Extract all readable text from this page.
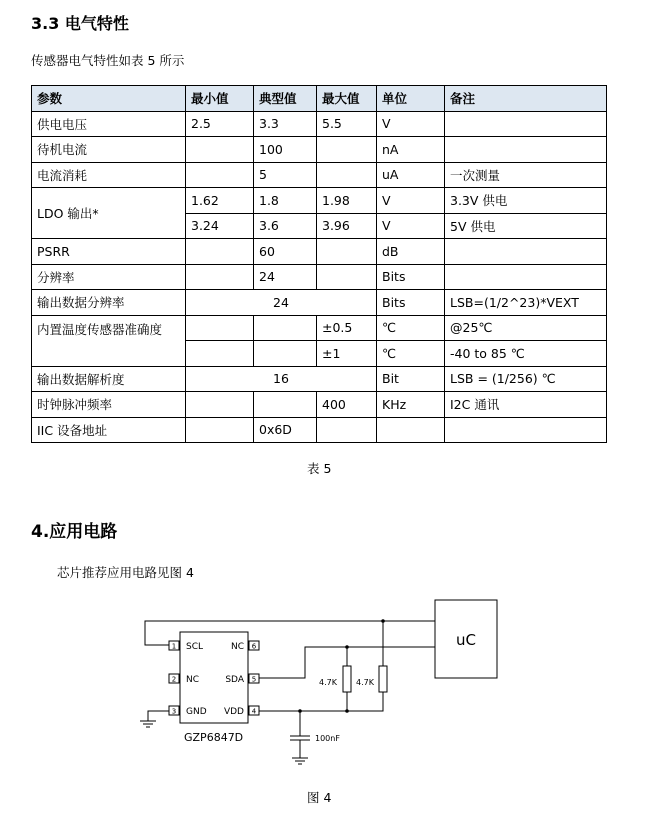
3.3 电气特性
传感器电气特性如表 5 所示
参数	最小值	典型值	最大值	单位	备注
供电电压	2.5	3.3	5.5	V	
待机电流		100		nA	
电流消耗		5		uA	一次测量
LDO 输出*	1.62	1.8	1.98	V	3.3V 供电
	3.24	3.6	3.96	V	5V 供电
PSRR		60		dB	
分辨率		24		Bits	
输出数据分辨率	24			Bits	LSB=(1/2^23)*VEXT
内置温度传感器准确度			±0.5	℃	@25℃
			±1	℃	-40 to 85 ℃
输出数据解析度	16			Bit	LSB = (1/256) ℃
时钟脉冲频率			400	KHz	I2C 通讯
IIC 设备地址		0x6D			
表 5
4.应用电路
芯片推荐应用电路见图 4
1
2
3
6
5
4
SCL
NC
GND
NC
SDA
VDD
GZP6847D
uC
4.7K 4.7K
100nF
图 4
